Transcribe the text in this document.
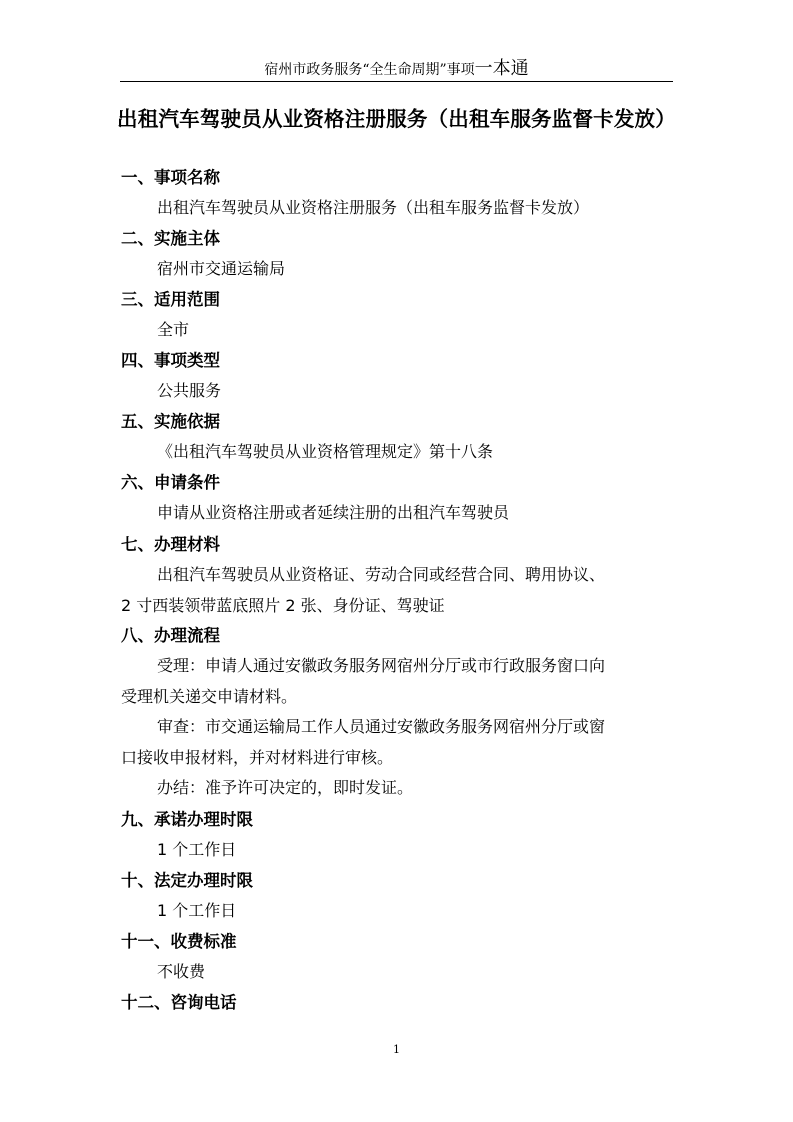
宿州市政务服务“全生命周期”事项一本通
出租汽车驾驶员从业资格注册服务（出租车服务监督卡发放）
一、事项名称
出租汽车驾驶员从业资格注册服务（出租车服务监督卡发放）
二、实施主体
宿州市交通运输局
三、适用范围
全市
四、事项类型
公共服务
五、实施依据
《出租汽车驾驶员从业资格管理规定》第十八条
六、申请条件
申请从业资格注册或者延续注册的出租汽车驾驶员
七、办理材料
出租汽车驾驶员从业资格证、劳动合同或经营合同、聘用协议、
2 寸西装领带蓝底照片 2 张、身份证、驾驶证
八、办理流程
受理：申请人通过安徽政务服务网宿州分厅或市行政服务窗口向
受理机关递交申请材料。
审查：市交通运输局工作人员通过安徽政务服务网宿州分厅或窗
口接收申报材料，并对材料进行审核。
办结：准予许可决定的，即时发证。
九、承诺办理时限
1 个工作日
十、法定办理时限
1 个工作日
十一、收费标准
不收费
十二、咨询电话
1
